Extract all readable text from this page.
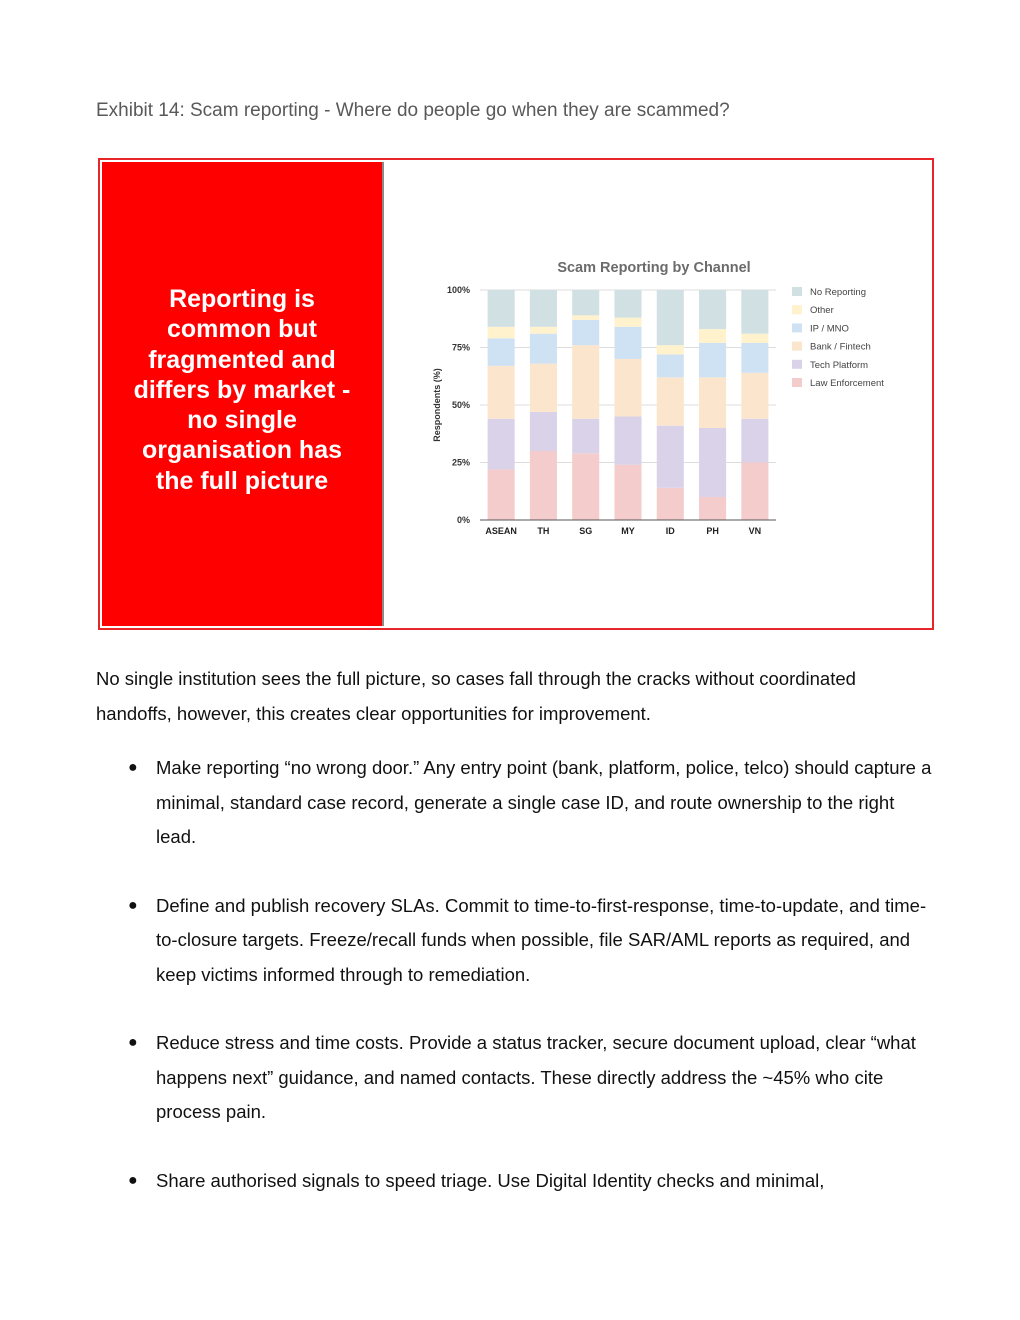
Exhibit 14: Scam reporting - Where do people go when they are scammed?
Reporting is common but fragmented and differs by market - no single organisation has the full picture
Scam Reporting by Channel
0%
25%
50%
75%
100%
Respondents (%)
ASEAN TH	SG	MY	ID	PH	VN
No Reporting
Other
IP / MNO
Bank / Fintech
Tech Platform
Law Enforcement
No single institution sees the full picture, so cases fall through the cracks without coordinated handoffs, however, this creates clear opportunities for improvement.
● Make reporting “no wrong door.” Any entry point (bank, platform, police, telco) should capture a minimal, standard case record, generate a single case ID, and route ownership to the right lead.
● Define and publish recovery SLAs. Commit to time-to-first-response, time-to-update, and time-to-closure targets. Freeze/recall funds when possible, file SAR/AML reports as required, and keep victims informed through to remediation.
● Reduce stress and time costs. Provide a status tracker, secure document upload, clear “what happens next” guidance, and named contacts. These directly address the ~45% who cite process pain.
● Share authorised signals to speed triage. Use Digital Identity checks and minimal,
